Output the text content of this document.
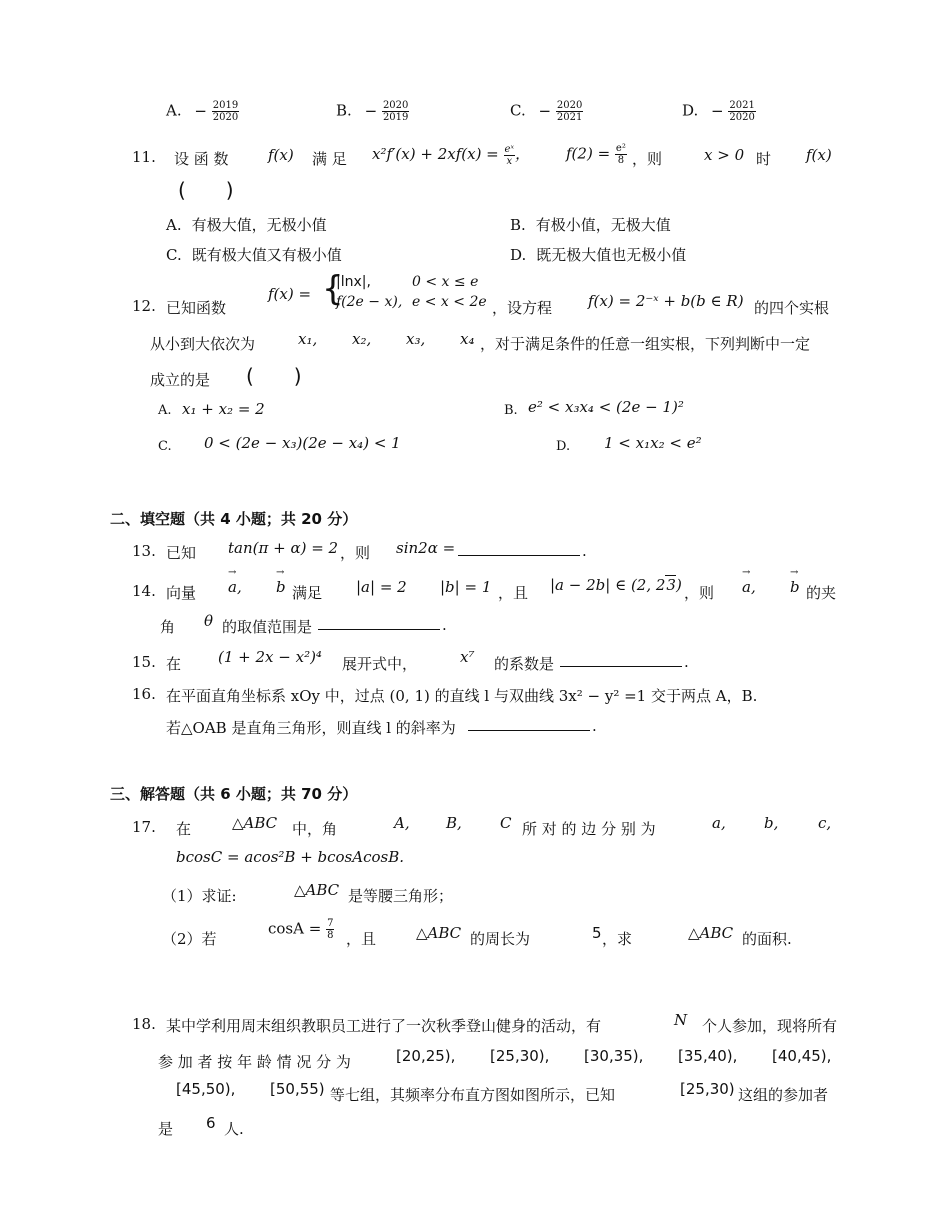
A. − $\frac{2019}{2020}$	B. − $\frac{2020}{2019}$	C. − $\frac{2020}{2021}$	D. − $\frac{2021}{2020}$
11. 设 函 数	f(x) 满 足 $x^2f'(x) + 2xf(x) = \frac{\text{eˣ}}{x}$ ， $f(2) = \frac{\text{e²}}{8}$ ，则	x > 0 时 f(x)
(　　)
A. 有极大值，无极小值	B. 有极小值，无极大值
C. 既有极大值又有极小值	D. 既无极大值也无极小值
12. 已知函数
f(x) = {
|lnx|,	0 < x ≤ e
f(2e − x), e < x < 2e ，设方程 f(x) = 2⁻ˣ + b(b ∈ R) 的四个实根
从小到大依次为	x₁, x₂, x₃, x₄ ，对于满足条件的任意一组实根，下列判断中一定
成立的是 (　　)
A. x₁ + x₂ = 2	B. e² < x₃x₄ < (2e − 1)²
C. 0 < (2e − x₃)(2e − x₄) < 1	D. 1 < x₁x₂ < e²
二、填空题（共 4 小题；共 20 分）
13. 已知 tan(π + α) = 2 ，则 sin2α =	.
14. 向量 → a, → b 满足 |a| = 2 |b| = 1 ，且 |a − 2b| ∈ (2, 23) ，则 → a, → b 的夹
角 θ 的取值范围是	.
15. 在 (1 + 2x − x²)⁴ 展开式中，	x⁷ 的系数是	.
16. 在平面直角坐标系 xOy 中，过点 (0, 1) 的直线 l 与双曲线 3x² − y² =1 交于两点 A，B.
若△OAB 是直角三角形，则直线 l 的斜率为	.
三、解答题（共 6 小题；共 70 分）
17. 在	△ABC 中，角	A, B,	C 所 对 的 边 分 别 为	a,	b,	c,
bcosC = acos²B + bcosAcosB.
（1）求证:	△ABC 是等腰三角形；
（2）若
$\cos A = \frac{7}{8}$ ，且	△ABC 的周长为	5 ，求	△ABC 的面积.
18. 某中学利用周末组织教职员工进行了一次秋季登山健身的活动，有	N 个人参加，现将所有
参 加 者 按 年 龄 情 况 分 为	[20,25), [25,30), [30,35), [35,40), [40,45),
[45,50), [50,55) 等七组，其频率分布直方图如图所示，已知	[25,30) 这组的参加者
是 6 人.
